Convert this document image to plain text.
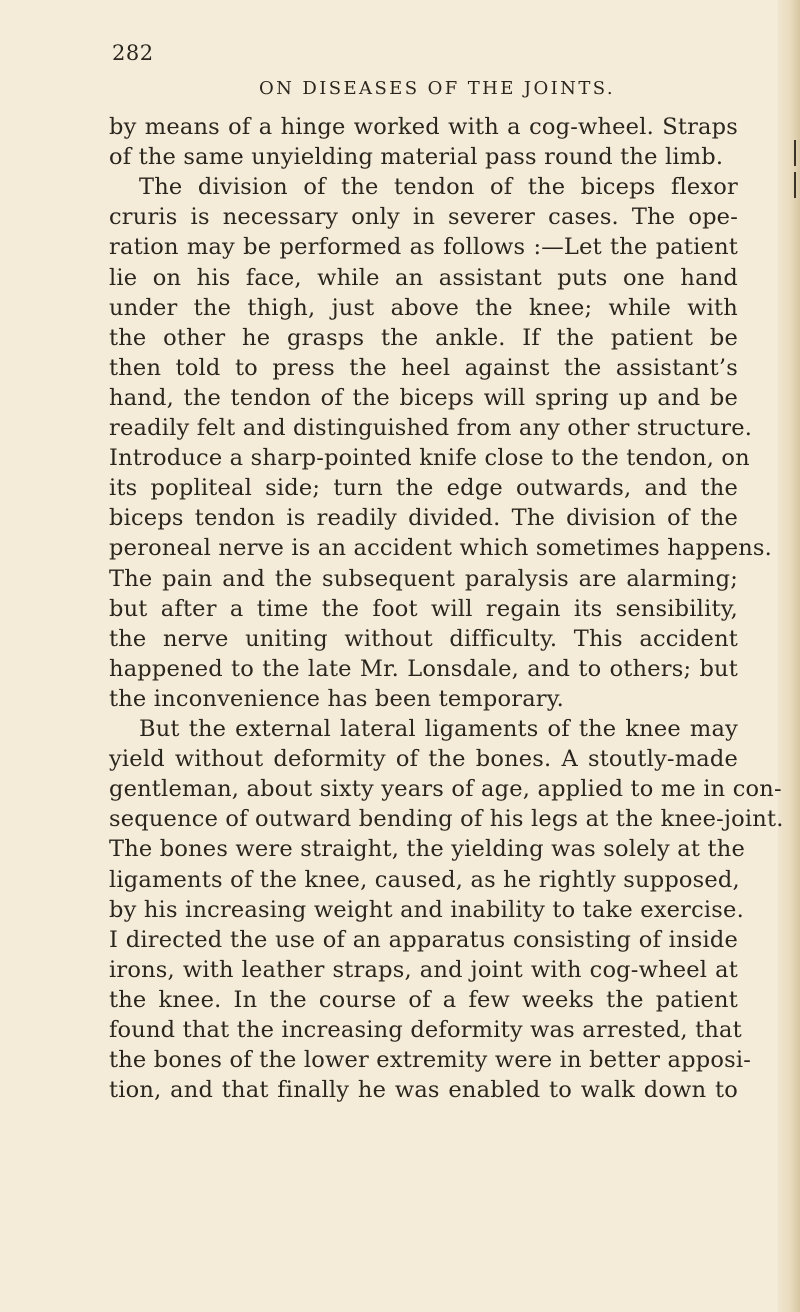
282
ON DISEASES OF THE JOINTS.

by means of a hinge worked with a cog-wheel. Straps

of the same unyielding material pass round the limb.

The division of the tendon of the biceps flexor

cruris is necessary only in severer cases. The ope-

ration may be performed as follows :—Let the patient

lie on his face, while an assistant puts one hand

under the thigh, just above the knee; while with

the other he grasps the ankle. If the patient be

then told to press the heel against the assistant’s

hand, the tendon of the biceps will spring up and be

readily felt and distinguished from any other structure.

Introduce a sharp-pointed knife close to the tendon, on

its popliteal side; turn the edge outwards, and the

biceps tendon is readily divided. The division of the

peroneal nerve is an accident which sometimes happens.

The pain and the subsequent paralysis are alarming;

but after a time the foot will regain its sensibility,

the nerve uniting without difficulty. This accident

happened to the late Mr. Lonsdale, and to others; but

the inconvenience has been temporary.

But the external lateral ligaments of the knee may

yield without deformity of the bones. A stoutly-made

gentleman, about sixty years of age, applied to me in con-

sequence of outward bending of his legs at the knee-joint.

The bones were straight, the yielding was solely at the

ligaments of the knee, caused, as he rightly supposed,

by his increasing weight and inability to take exercise.

I directed the use of an apparatus consisting of inside

irons, with leather straps, and joint with cog-wheel at

the knee. In the course of a few weeks the patient

found that the increasing deformity was arrested, that

the bones of the lower extremity were in better apposi-

tion, and that finally he was enabled to walk down to
